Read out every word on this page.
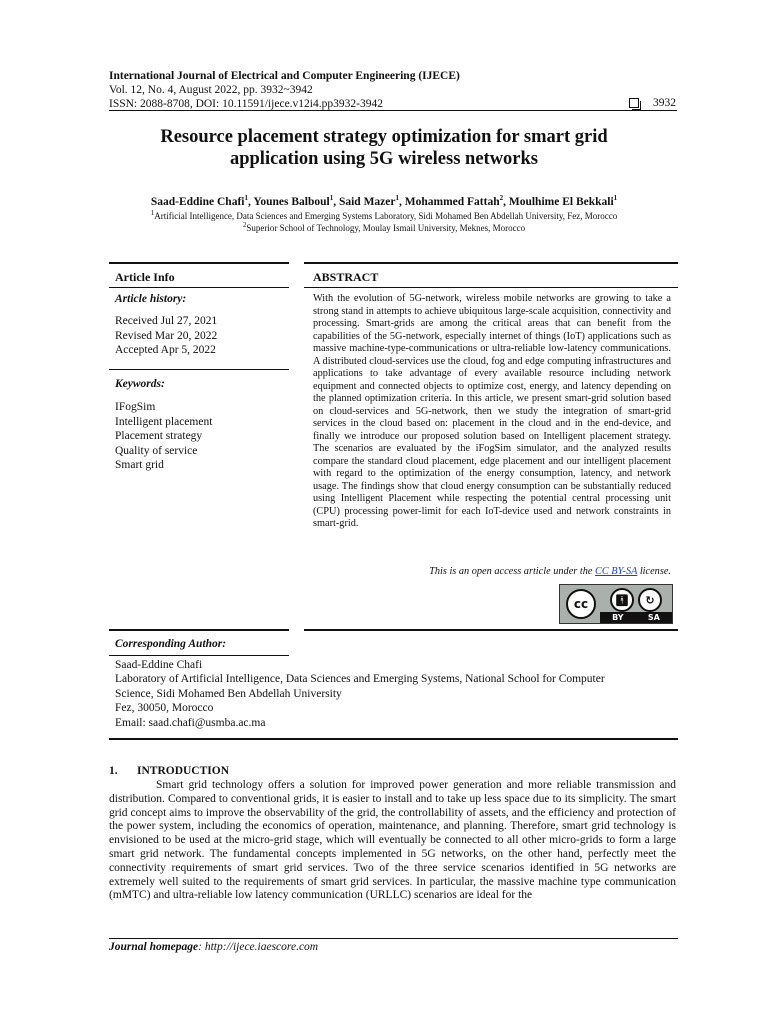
International Journal of Electrical and Computer Engineering (IJECE)
Vol. 12, No. 4, August 2022, pp. 3932~3942
ISSN: 2088-8708, DOI: 10.11591/ijece.v12i4.pp3932-3942	3932
Resource placement strategy optimization for smart grid
application using 5G wireless networks
Saad-Eddine Chafi$^1$, Younes Balboul$^1$, Said Mazer$^1$, Mohammed Fattah$^2$, Moulhime El Bekkali$^1$
$^1$Artificial Intelligence, Data Sciences and Emerging Systems Laboratory, Sidi Mohamed Ben Abdellah University, Fez, Morocco
$^2$Superior School of Technology, Moulay Ismail University, Meknes, Morocco
Article Info	ABSTRACT
Article history:
Received Jul 27, 2021
Revised Mar 20, 2022
Accepted Apr 5, 2022
Keywords:
IFogSim
Intelligent placement
Placement strategy
Quality of service
Smart grid
With the evolution of 5G-network, wireless mobile networks are growing to take a strong stand in attempts to achieve ubiquitous large-scale acquisition, connectivity and processing. Smart-grids are among the critical areas that can benefit from the capabilities of the 5G-network, especially internet of things (IoT) applications such as massive machine-type-communications or ultra-reliable low-latency communications. A distributed cloud-services use the cloud, fog and edge computing infrastructures and applications to take advantage of every available resource including network equipment and connected objects to optimize cost, energy, and latency depending on the planned optimization criteria. In this article, we present smart-grid solution based on cloud-services and 5G-network, then we study the integration of smart-grid services in the cloud based on: placement in the cloud and in the end-device, and finally we introduce our proposed solution based on Intelligent placement strategy. The scenarios are evaluated by the iFogSim simulator, and the analyzed results compare the standard cloud placement, edge placement and our intelligent placement with regard to the optimization of the energy consumption, latency, and network usage. The findings show that cloud energy consumption can be substantially reduced using Intelligent Placement while respecting the potential central processing unit (CPU) processing power-limit for each IoT-device used and network constraints in smart-grid.
This is an open access article under the CC BY-SA license.
cc	🚹︎	↻
BY	SA
Corresponding Author:
Saad-Eddine Chafi
Laboratory of Artificial Intelligence, Data Sciences and Emerging Systems, National School for Computer
Science, Sidi Mohamed Ben Abdellah University
Fez, 30050, Morocco
Email: saad.chafi@usmba.ac.ma
1. INTRODUCTION
Smart grid technology offers a solution for improved power generation and more reliable transmission and distribution. Compared to conventional grids, it is easier to install and to take up less space due to its simplicity. The smart grid concept aims to improve the observability of the grid, the controllability of assets, and the efficiency and protection of the power system, including the economics of operation, maintenance, and planning. Therefore, smart grid technology is envisioned to be used at the micro-grid stage, which will eventually be connected to all other micro-grids to form a large smart grid network. The fundamental concepts implemented in 5G networks, on the other hand, perfectly meet the connectivity requirements of smart grid services. Two of the three service scenarios identified in 5G networks are extremely well suited to the requirements of smart grid services. In particular, the massive machine type communication (mMTC) and ultra-reliable low latency communication (URLLC) scenarios are ideal for the
Journal homepage: http://ijece.iaescore.com
